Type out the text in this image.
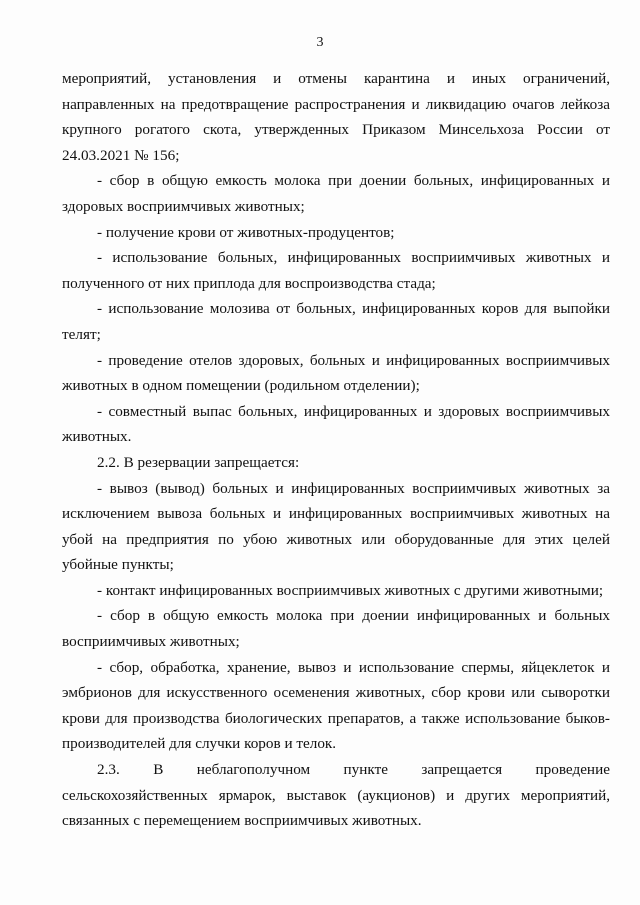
3

мероприятий, установления и отмены карантина и иных ограничений, направленных на предотвращение распространения и ликвидацию очагов лейкоза крупного рогатого скота, утвержденных Приказом Минсельхоза России от 24.03.2021 № 156;

- сбор в общую емкость молока при доении больных, инфицированных и здоровых восприимчивых животных;

- получение крови от животных-продуцентов;

- использование больных, инфицированных восприимчивых животных и полученного от них приплода для воспроизводства стада;

- использование молозива от больных, инфицированных коров для выпойки телят;

- проведение отелов здоровых, больных и инфицированных восприимчивых животных в одном помещении (родильном отделении);

- совместный выпас больных, инфицированных и здоровых восприимчивых животных.

2.2. В резервации запрещается:

- вывоз (вывод) больных и инфицированных восприимчивых животных за исключением вывоза больных и инфицированных восприимчивых животных на убой на предприятия по убою животных или оборудованные для этих целей убойные пункты;

- контакт инфицированных восприимчивых животных с другими животными;

- сбор в общую емкость молока при доении инфицированных и больных восприимчивых животных;

- сбор, обработка, хранение, вывоз и использование спермы, яйцеклеток и эмбрионов для искусственного осеменения животных, сбор крови или сыворотки крови для производства биологических препаратов, а также использование быков-производителей для случки коров и телок.

2.3. В неблагополучном пункте запрещается проведение

сельскохозяйственных ярмарок, выставок (аукционов) и других мероприятий, связанных с перемещением восприимчивых животных.
